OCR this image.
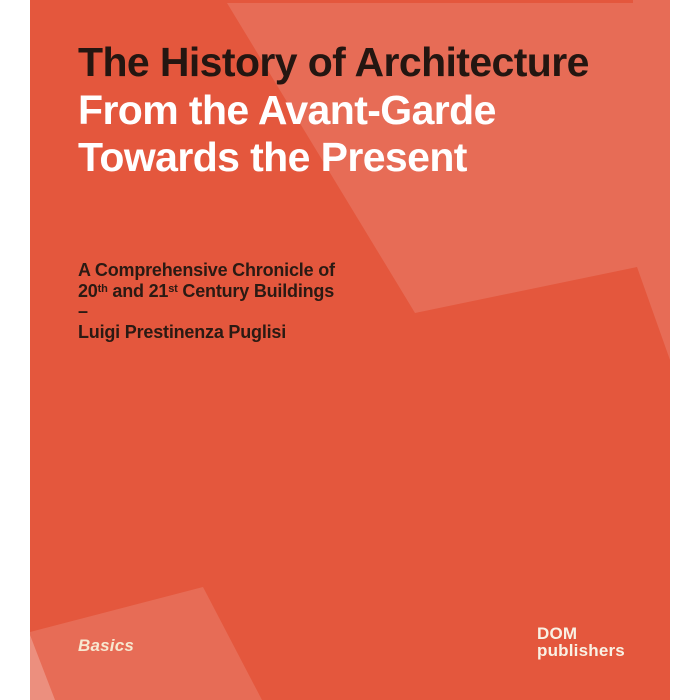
The History of Architecture
From the Avant-Garde
Towards the Present
A Comprehensive Chronicle of
20th and 21st Century Buildings
–
Luigi Prestinenza Puglisi
Basics
DOM
publishers
